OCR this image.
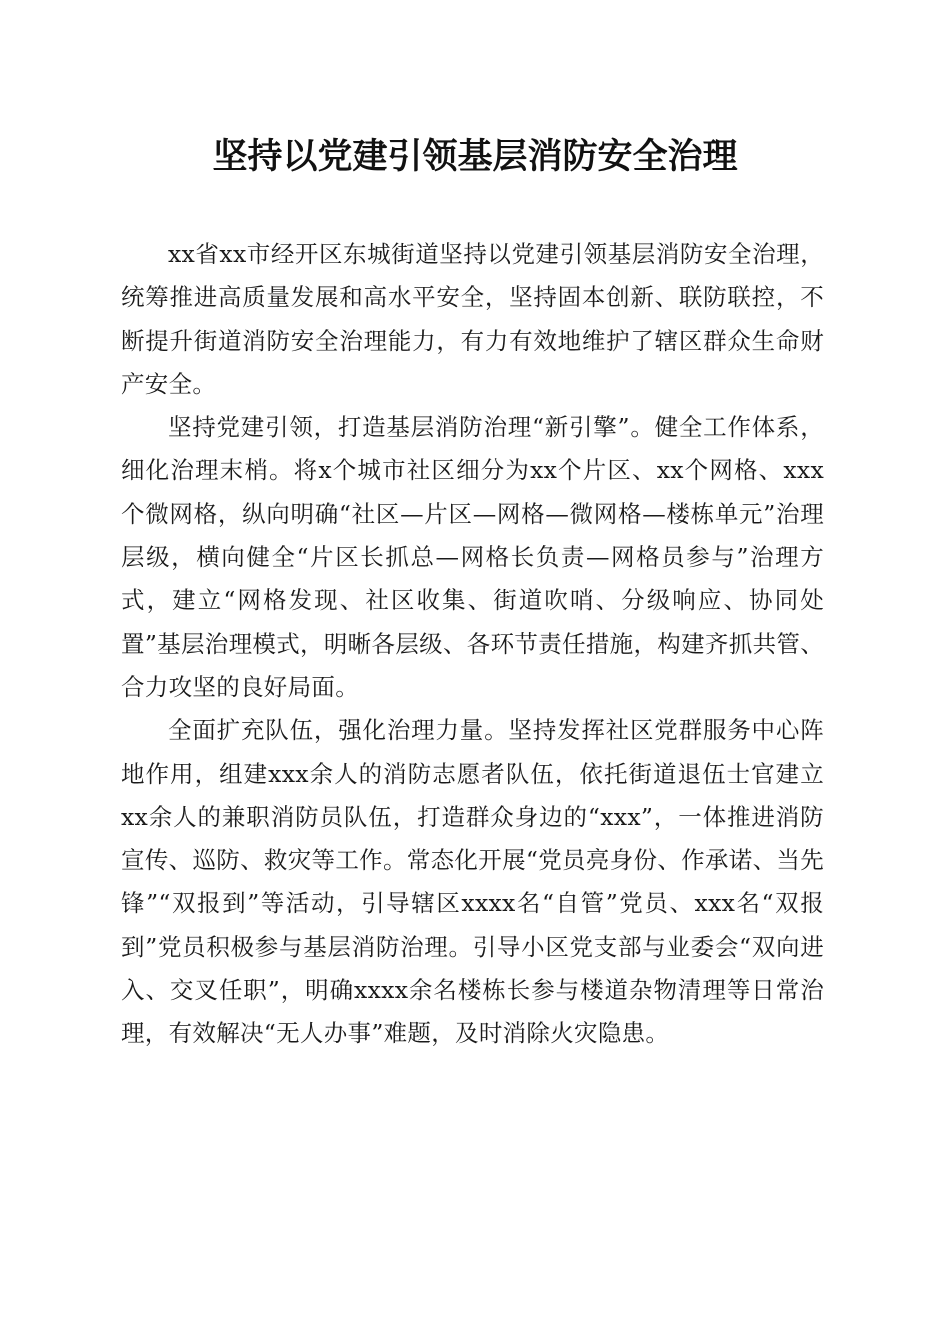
坚持以党建引领基层消防安全治理

xx省xx市经开区东城街道坚持以党建引领基层消防安全治理，统筹推进高质量发展和高水平安全，坚持固本创新、联防联控，不断提升街道消防安全治理能力，有力有效地维护了辖区群众生命财产安全。

坚持党建引领，打造基层消防治理“新引擎”。健全工作体系，细化治理末梢。将x个城市社区细分为xx个片区、xx个网格、xxx个微网格，纵向明确“社区—片区—网格—微网格—楼栋单元”治理层级，横向健全“片区长抓总—网格长负责—网格员参与”治理方式，建立“网格发现、社区收集、街道吹哨、分级响应、协同处置”基层治理模式，明晰各层级、各环节责任措施，构建齐抓共管、合力攻坚的良好局面。

全面扩充队伍，强化治理力量。坚持发挥社区党群服务中心阵地作用，组建xxx余人的消防志愿者队伍，依托街道退伍士官建立xx余人的兼职消防员队伍，打造群众身边的“xxx”，一体推进消防宣传、巡防、救灾等工作。常态化开展“党员亮身份、作承诺、当先锋”“双报到”等活动，引导辖区xxxx名“自管”党员、xxx名“双报到”党员积极参与基层消防治理。引导小区党支部与业委会“双向进入、交叉任职”，明确xxxx余名楼栋长参与楼道杂物清理等日常治理，有效解决“无人办事”难题，及时消除火灾隐患。
